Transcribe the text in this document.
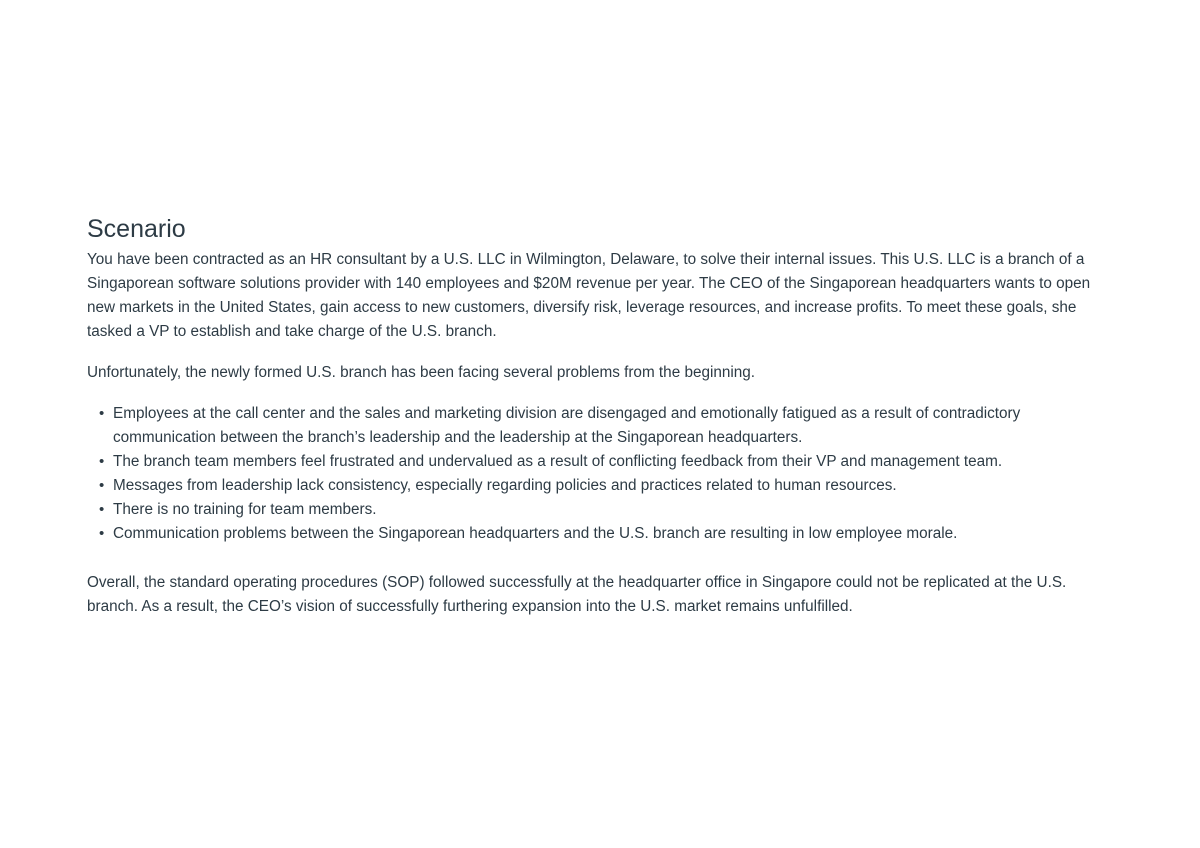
Scenario

You have been contracted as an HR consultant by a U.S. LLC in Wilmington, Delaware, to solve their internal issues. This U.S. LLC is a branch of a Singaporean software solutions provider with 140 employees and $20M revenue per year. The CEO of the Singaporean headquarters wants to open new markets in the United States, gain access to new customers, diversify risk, leverage resources, and increase profits. To meet these goals, she tasked a VP to establish and take charge of the U.S. branch.

Unfortunately, the newly formed U.S. branch has been facing several problems from the beginning.

• Employees at the call center and the sales and marketing division are disengaged and emotionally fatigued as a result of contradictory communication between the branch’s leadership and the leadership at the Singaporean headquarters.
• The branch team members feel frustrated and undervalued as a result of conflicting feedback from their VP and management team.
• Messages from leadership lack consistency, especially regarding policies and practices related to human resources.
• There is no training for team members.
• Communication problems between the Singaporean headquarters and the U.S. branch are resulting in low employee morale.

Overall, the standard operating procedures (SOP) followed successfully at the headquarter office in Singapore could not be replicated at the U.S. branch. As a result, the CEO’s vision of successfully furthering expansion into the U.S. market remains unfulfilled.
